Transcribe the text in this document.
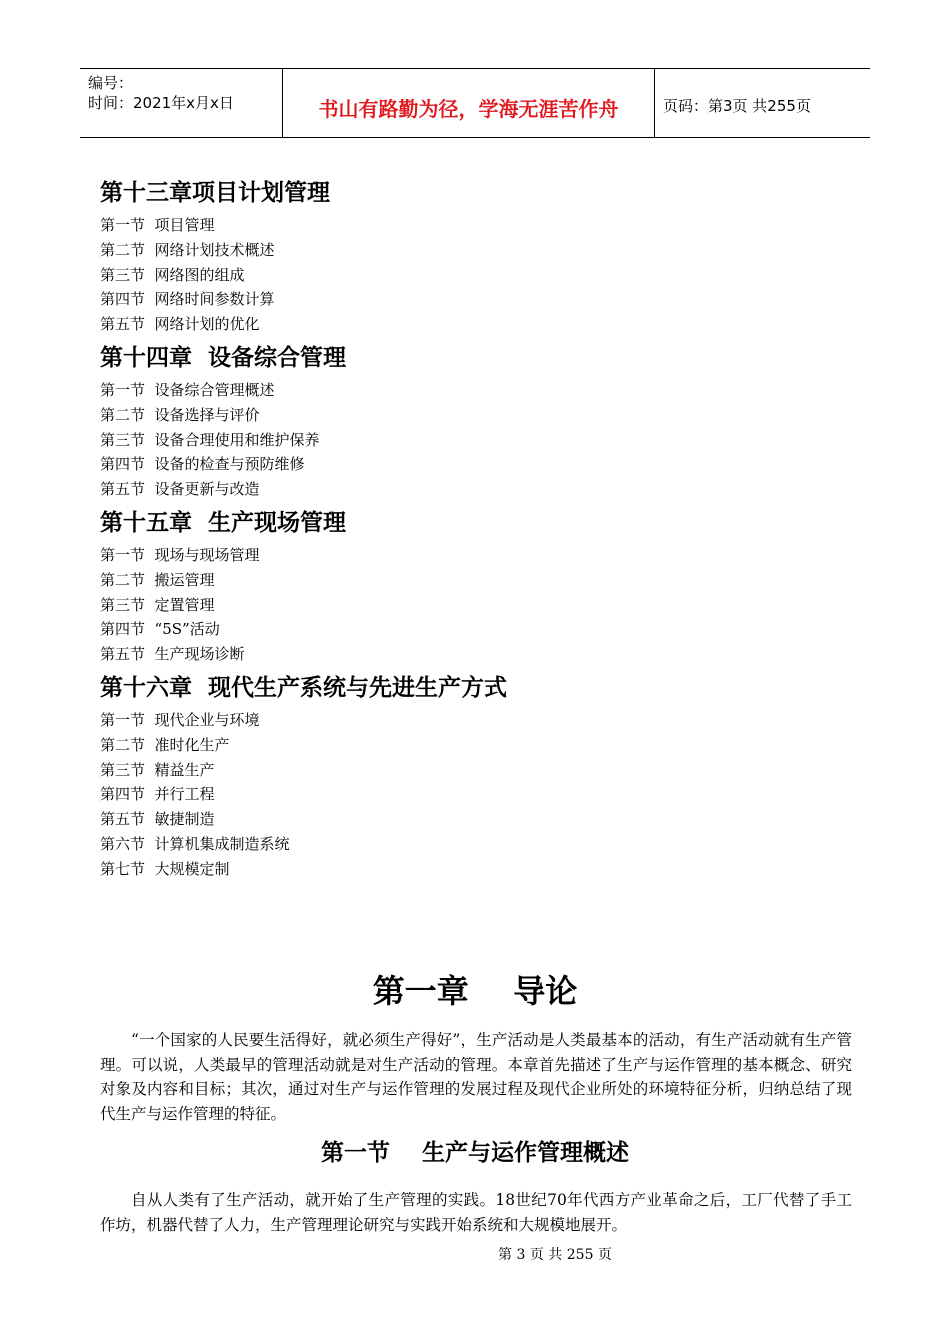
编号：
时间：2021年x月x日	书山有路勤为径，学海无涯苦作舟	页码：第3页 共255页
第十三章项目计划管理
第一节  项目管理
第二节  网络计划技术概述
第三节  网络图的组成
第四节  网络时间参数计算
第五节  网络计划的优化
第十四章  设备综合管理
第一节  设备综合管理概述
第二节  设备选择与评价
第三节  设备合理使用和维护保养
第四节  设备的检查与预防维修
第五节  设备更新与改造
第十五章  生产现场管理
第一节  现场与现场管理
第二节  搬运管理
第三节  定置管理
第四节  “5S”活动
第五节  生产现场诊断
第十六章  现代生产系统与先进生产方式
第一节  现代企业与环境
第二节  准时化生产
第三节  精益生产
第四节  并行工程
第五节  敏捷制造
第六节  计算机集成制造系统
第七节  大规模定制
第一章    导论

“一个国家的人民要生活得好，就必须生产得好”，生产活动是人类最基本的活动，有生产活动就有生产管理。可以说，人类最早的管理活动就是对生产活动的管理。本章首先描述了生产与运作管理的基本概念、研究对象及内容和目标；其次，通过对生产与运作管理的发展过程及现代企业所处的环境特征分析，归纳总结了现代生产与运作管理的特征。

第一节    生产与运作管理概述

自从人类有了生产活动，就开始了生产管理的实践。18世纪70年代西方产业革命之后，工厂代替了手工作坊，机器代替了人力，生产管理理论研究与实践开始系统和大规模地展开。

第 3 页 共 255 页
